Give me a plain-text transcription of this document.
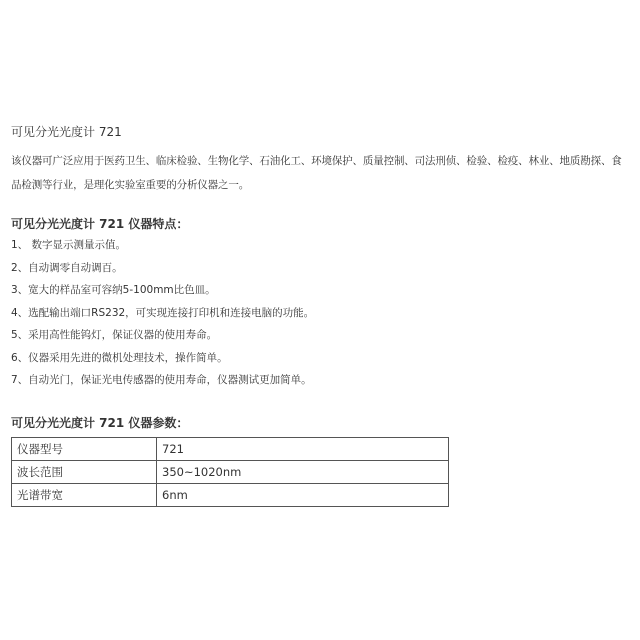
可见分光光度计 721
该仪器可广泛应用于医药卫生、临床检验、生物化学、石油化工、环境保护、质量控制、司法刑侦、检验、检疫、林业、地质勘探、食品检测等行业，是理化实验室重要的分析仪器之一。
可见分光光度计 721 仪器特点：
1、 数字显示测量示值。
2、自动调零自动调百。
3、宽大的样品室可容纳5-100mm比色皿。
4、选配输出端口RS232，可实现连接打印机和连接电脑的功能。
5、采用高性能钨灯，保证仪器的使用寿命。
6、仪器采用先进的微机处理技术，操作简单。
7、自动光门，保证光电传感器的使用寿命，仪器测试更加简单。
可见分光光度计 721 仪器参数：
仪器型号	721
波长范围	350~1020nm
光谱带宽	6nm
